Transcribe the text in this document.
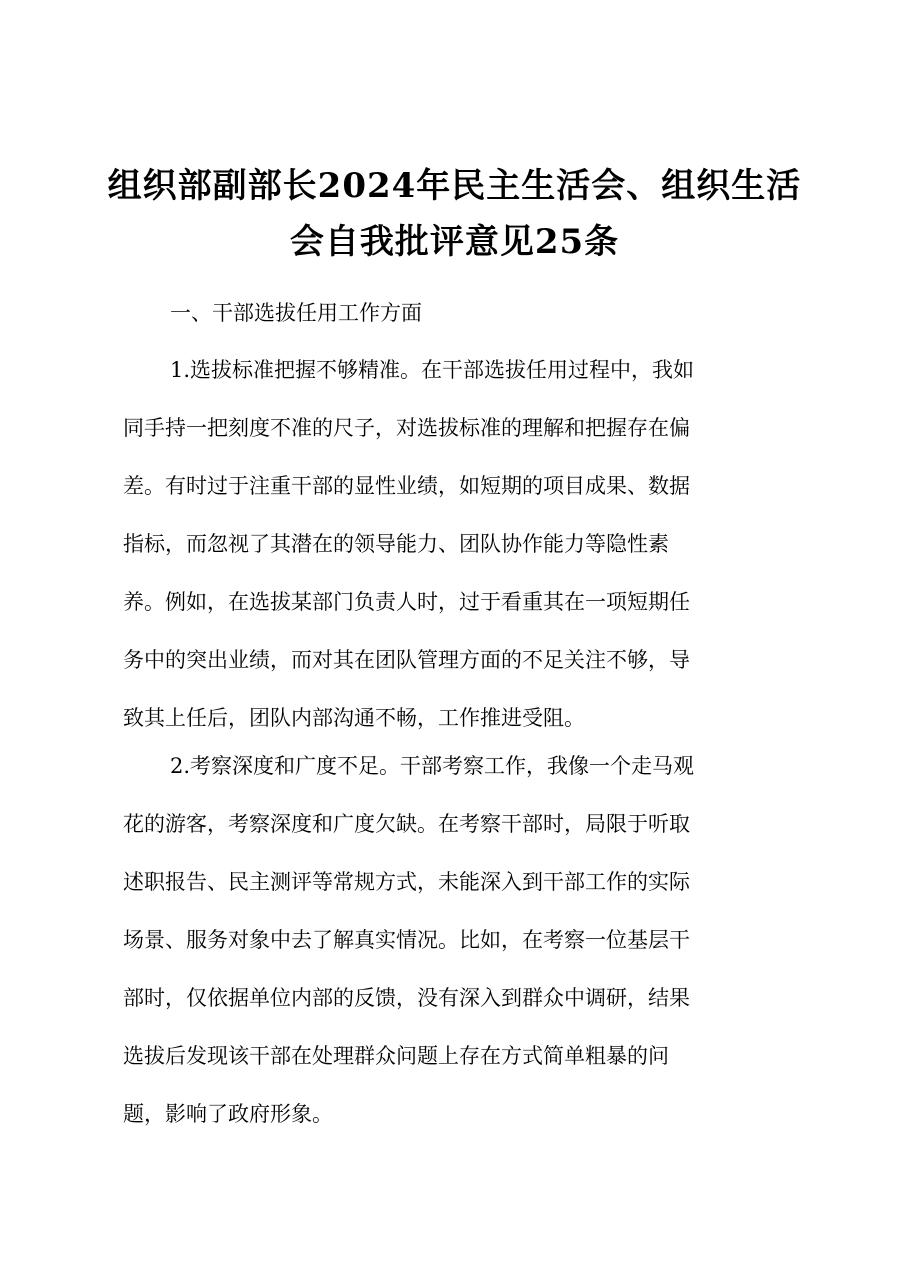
组织部副部长2024年民主生活会、组织生活
会自我批评意见25条
一、干部选拔任用工作方面
1.选拔标准把握不够精准。在干部选拔任用过程中，我如
同手持一把刻度不准的尺子，对选拔标准的理解和把握存在偏
差。有时过于注重干部的显性业绩，如短期的项目成果、数据
指标，而忽视了其潜在的领导能力、团队协作能力等隐性素
养。例如，在选拔某部门负责人时，过于看重其在一项短期任
务中的突出业绩，而对其在团队管理方面的不足关注不够，导
致其上任后，团队内部沟通不畅，工作推进受阻。
2.考察深度和广度不足。干部考察工作，我像一个走马观
花的游客，考察深度和广度欠缺。在考察干部时，局限于听取
述职报告、民主测评等常规方式，未能深入到干部工作的实际
场景、服务对象中去了解真实情况。比如，在考察一位基层干
部时，仅依据单位内部的反馈，没有深入到群众中调研，结果
选拔后发现该干部在处理群众问题上存在方式简单粗暴的问
题，影响了政府形象。
